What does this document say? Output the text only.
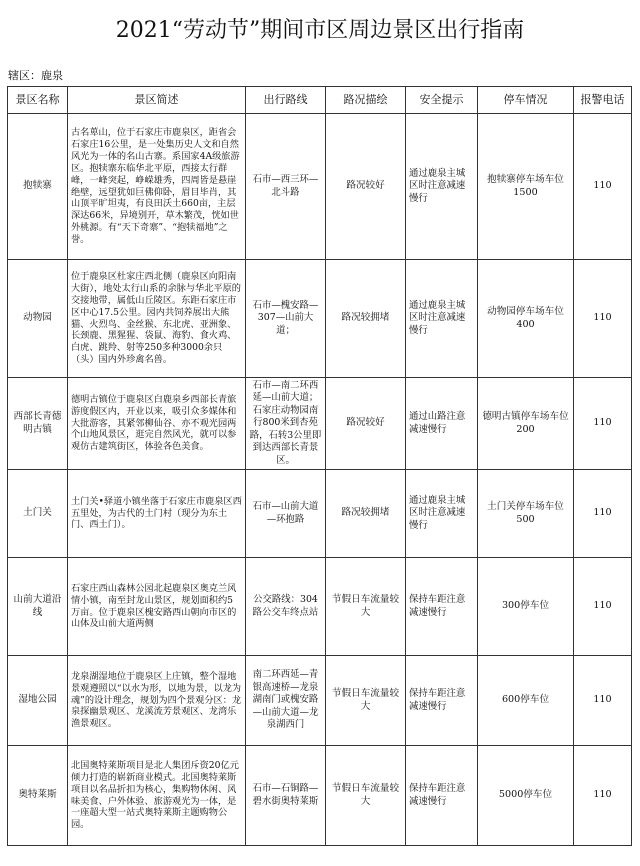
2021“劳动节”期间市区周边景区出行指南
辖区：鹿泉
景区名称	景区简述	出行路线	路况描绘	安全提示	停车情况	报警电话
抱犊寨	古名萆山，位于石家庄市鹿泉区，距省会石家庄16公里，是一处集历史人文和自然风光为一体的名山古寨。系国家4A级旅游区。抱犊寨东临华北平原，西接太行群峰，一峰突起，峥嵘雄秀，四周皆是悬崖绝壁，远望犹如巨佛仰卧，眉目毕肖，其山顶平旷坦夷，有良田沃土660亩，主层深达66米，异境别开，草木繁茂，恍如世外桃源。有“天下奇寨”、“抱犊福地”之誉。	石市—西三环—北斗路	路况较好	通过鹿泉主城区时注意减速慢行	抱犊寨停车场车位1500	110
动物园	位于鹿泉区杜家庄西北侧（鹿泉区向阳南大街），地处太行山系的余脉与华北平原的交接地带，属低山丘陵区。东距石家庄市区中心17.5公里。园内共饲养展出大熊猫、火烈鸟、金丝猴、东北虎、亚洲象、长颈鹿、黑猩猩、袋鼠、海豹、食火鸡、白虎、跳羚、射等250多种3000余只（头）国内外珍禽名兽。	石市—槐安路—307—山前大道；	路况较拥堵	通过鹿泉主城区时注意减速慢行	动物园停车场车位400	110
西部长青德明古镇	德明古镇位于鹿泉区白鹿泉乡西部长青旅游度假区内，开业以来，吸引众多媒体和大批游客，其紧邻柳仙谷、亦不观光园两个山地风景区，逛完自然风光，就可以参观仿古建筑街区，体验各色美食。	石市—南二环西延—山前大道；石家庄动物园南行800米到杏苑路，石转3公里即到达西部长青景区。	路况较好	通过山路注意减速慢行	德明古镇停车场车位200	110
土门关	土门关•驿道小镇坐落于石家庄市鹿泉区西五里处，为古代的土门村（现分为东土门、西土门）。	石市—山前大道—环抱路	路况较拥堵	通过鹿泉主城区时注意减速慢行	土门关停车场车位500	110
山前大道沿线	石家庄西山森林公园北起鹿泉区奥克兰风情小镇，南至封龙山景区，规划面积约5万亩。位于鹿泉区槐安路西山朝向市区的山体及山前大道两侧	公交路线：304路公交车终点站	节假日车流量较大	保持车距注意减速慢行	300停车位	110
湿地公园	龙泉湖湿地位于鹿泉区上庄镇，整个湿地景观遵照以“以水为形，以地为景，以龙为魂”的设计理念，规划为四个景观分区：龙泉探幽景观区、龙溪流芳景观区、龙湾乐渔景观区。	南二环西延—青银高速桥—龙泉湖南门或槐安路—山前大道—龙泉湖西门	节假日车流量较大	保持车距注意减速慢行	600停车位	110
奥特莱斯	北国奥特莱斯项目是北人集团斥资20亿元倾力打造的崭新商业模式。北国奥特莱斯项目以名品折扣为核心，集购物休闲、风味美食、户外体验、旅游观光为一体，是一座超大型一站式奥特莱斯主题购物公园。	石市—石铜路—碧水街奥特莱斯	节假日车流量较大	保持车距注意减速慢行	5000停车位	110
